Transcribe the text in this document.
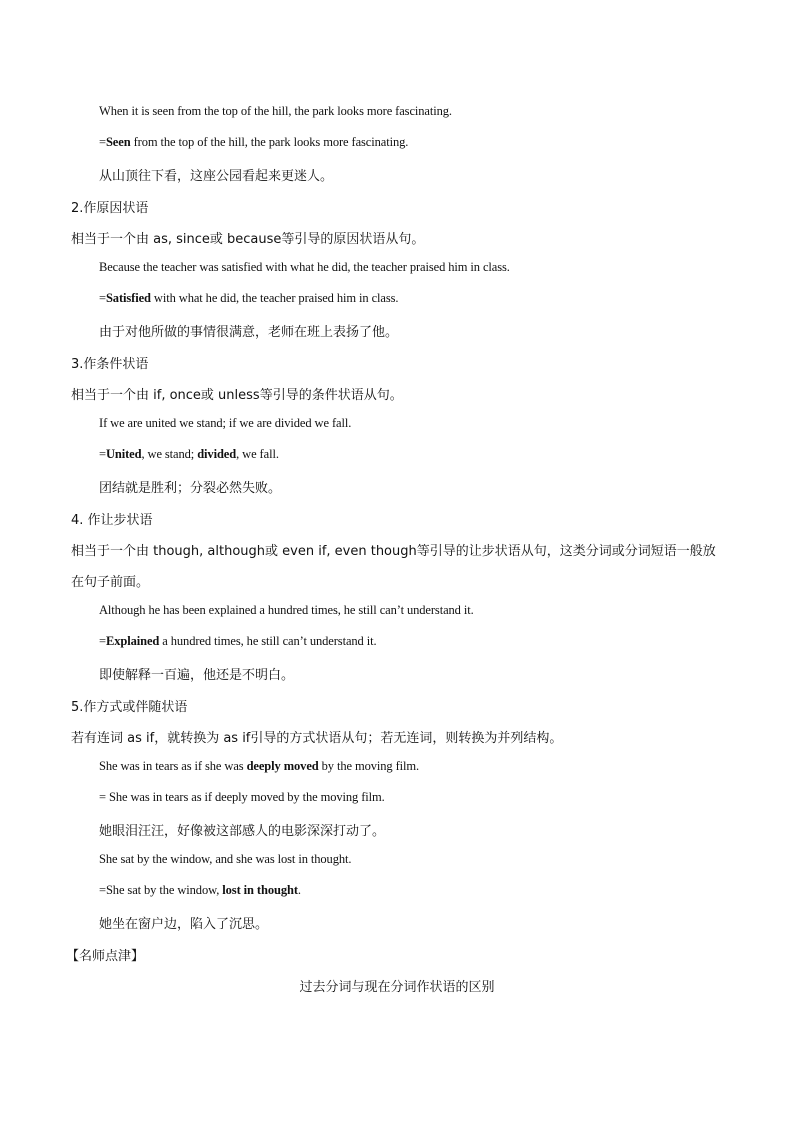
When it is seen from the top of the hill, the park looks more fascinating.
=Seen from the top of the hill, the park looks more fascinating.
从山顶往下看，这座公园看起来更迷人。
2.作原因状语
相当于一个由 as, since或 because等引导的原因状语从句。
Because the teacher was satisfied with what he did, the teacher praised him in class.
=Satisfied with what he did, the teacher praised him in class.
由于对他所做的事情很满意，老师在班上表扬了他。
3.作条件状语
相当于一个由 if, once或 unless等引导的条件状语从句。
If we are united we stand; if we are divided we fall.
=United, we stand; divided, we fall.
团结就是胜利；分裂必然失败。
4. 作让步状语
相当于一个由 though, although或 even if, even though等引导的让步状语从句，这类分词或分词短语一般放
在句子前面。
Although he has been explained a hundred times, he still can’t understand it.
=Explained a hundred times, he still can’t understand it.
即使解释一百遍，他还是不明白。
5.作方式或伴随状语
若有连词 as if，就转换为 as if引导的方式状语从句；若无连词，则转换为并列结构。
She was in tears as if she was deeply moved by the moving film.
= She was in tears as if deeply moved by the moving film.
她眼泪汪汪，好像被这部感人的电影深深打动了。
She sat by the window, and she was lost in thought.
=She sat by the window, lost in thought.
她坐在窗户边，陷入了沉思。
【名师点津】
过去分词与现在分词作状语的区别
